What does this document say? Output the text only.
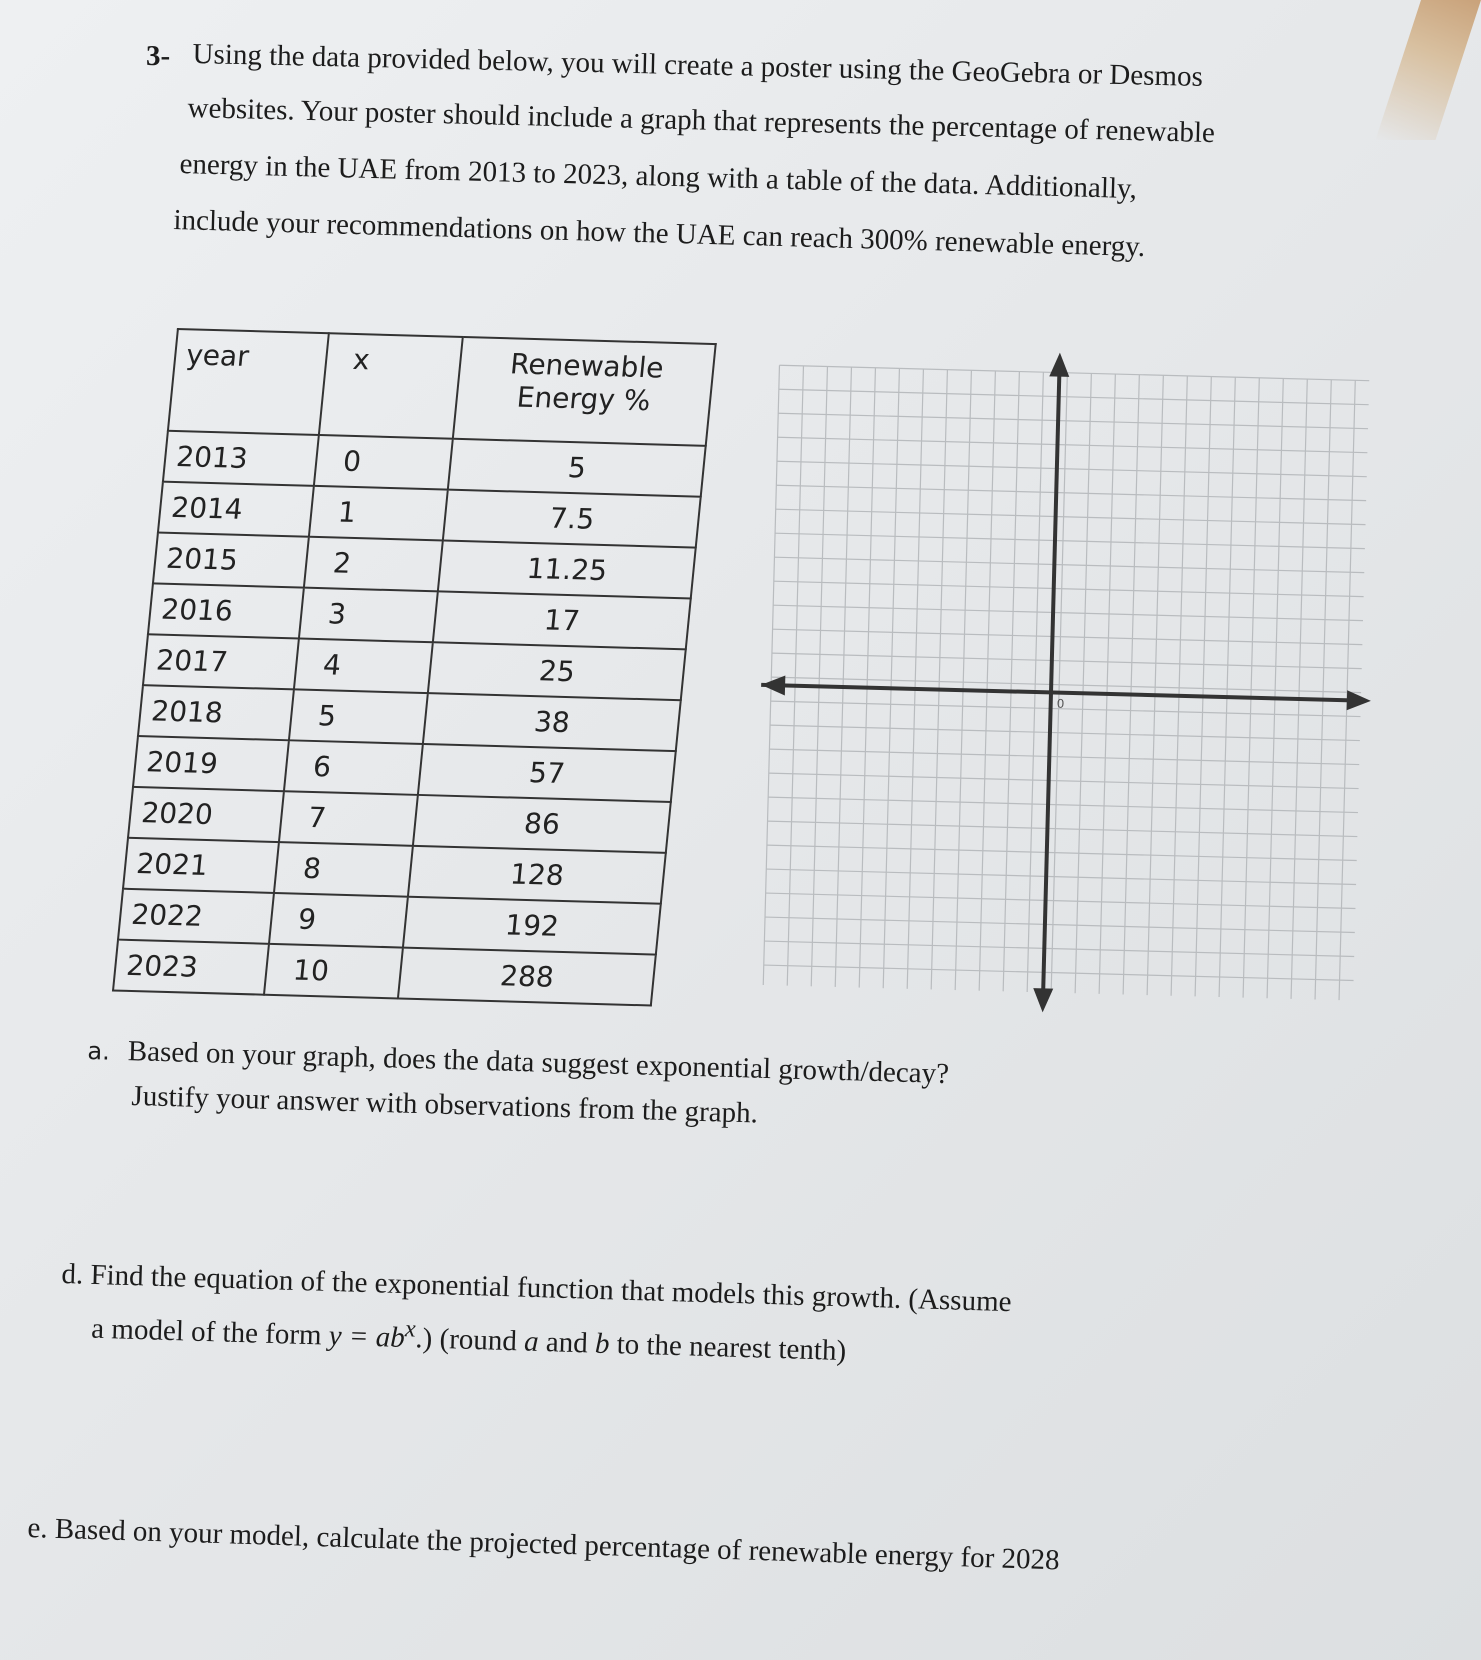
3- Using the data provided below, you will create a poster using the GeoGebra or Desmos
websites. Your poster should include a graph that represents the percentage of renewable
energy in the UAE from 2013 to 2023, along with a table of the data. Additionally,
include your recommendations on how the UAE can reach 300% renewable energy.
year	x	Renewable Energy %
2013	0	5
2014	1	7.5
2015	2	11.25
2016	3	17
2017	4	25
2018	5	38
2019	6	57
2020	7	86
2021	8	128
2022	9	192
2023	10	288
0
a. Based on your graph, does the data suggest exponential growth/decay?
Justify your answer with observations from the graph.
d. Find the equation of the exponential function that models this growth. (Assume
a model of the form $y = ab^x$.) (round a and b to the nearest tenth)
e. Based on your model, calculate the projected percentage of renewable energy for 2028
